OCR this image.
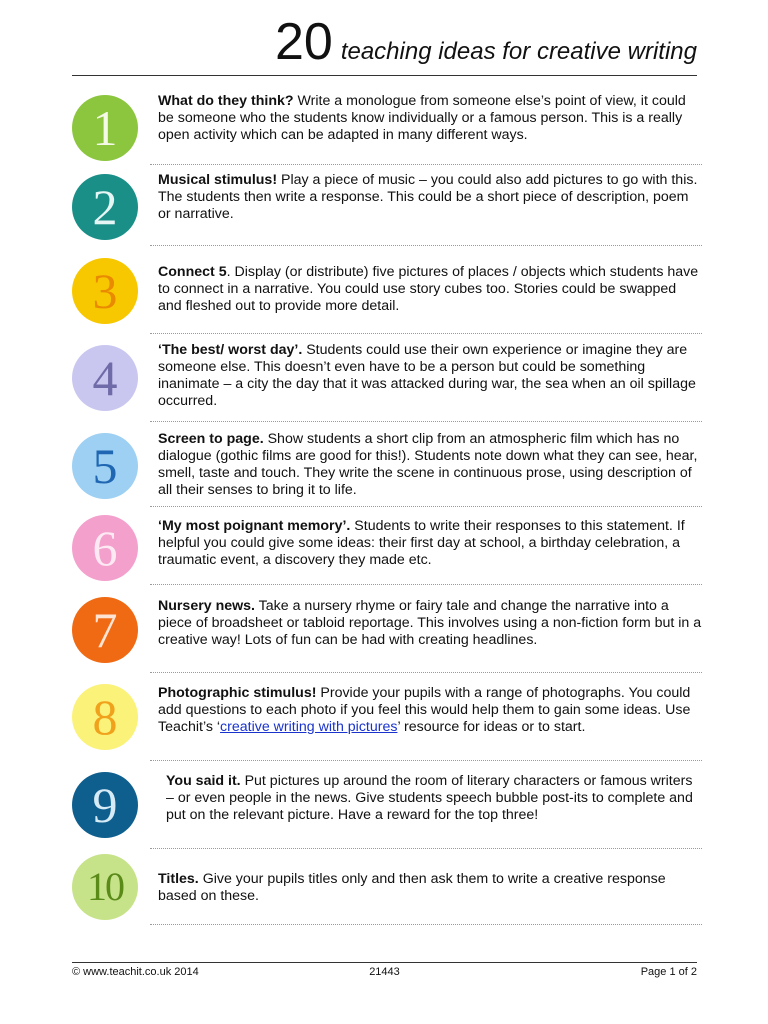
20 teaching ideas for creative writing
1	What do they think? Write a monologue from someone else’s point of view, it could be someone who the students know individually or a famous person. This is a really open activity which can be adapted in many different ways.
2	Musical stimulus! Play a piece of music – you could also add pictures to go with this. The students then write a response. This could be a short piece of description, poem or narrative.
3	Connect 5. Display (or distribute) five pictures of places / objects which students have to connect in a narrative. You could use story cubes too. Stories could be swapped and fleshed out to provide more detail.
4	‘The best/ worst day’. Students could use their own experience or imagine they are someone else. This doesn’t even have to be a person but could be something inanimate – a city the day that it was attacked during war, the sea when an oil spillage occurred.
5	Screen to page. Show students a short clip from an atmospheric film which has no dialogue (gothic films are good for this!). Students note down what they can see, hear, smell, taste and touch. They write the scene in continuous prose, using description of all their senses to bring it to life.
6	‘My most poignant memory’. Students to write their responses to this statement. If helpful you could give some ideas: their first day at school, a birthday celebration, a traumatic event, a discovery they made etc.
7	Nursery news. Take a nursery rhyme or fairy tale and change the narrative into a piece of broadsheet or tabloid reportage. This involves using a non-fiction form but in a creative way! Lots of fun can be had with creating headlines.
8	Photographic stimulus! Provide your pupils with a range of photographs. You could add questions to each photo if you feel this would help them to gain some ideas. Use Teachit’s ‘creative writing with pictures’ resource for ideas or to start.
9	You said it. Put pictures up around the room of literary characters or famous writers – or even people in the news. Give students speech bubble post-its to complete and put on the relevant picture. Have a reward for the top three!
10	Titles. Give your pupils titles only and then ask them to write a creative response based on these.
© www.teachit.co.uk 2014	21443	Page 1 of 2
